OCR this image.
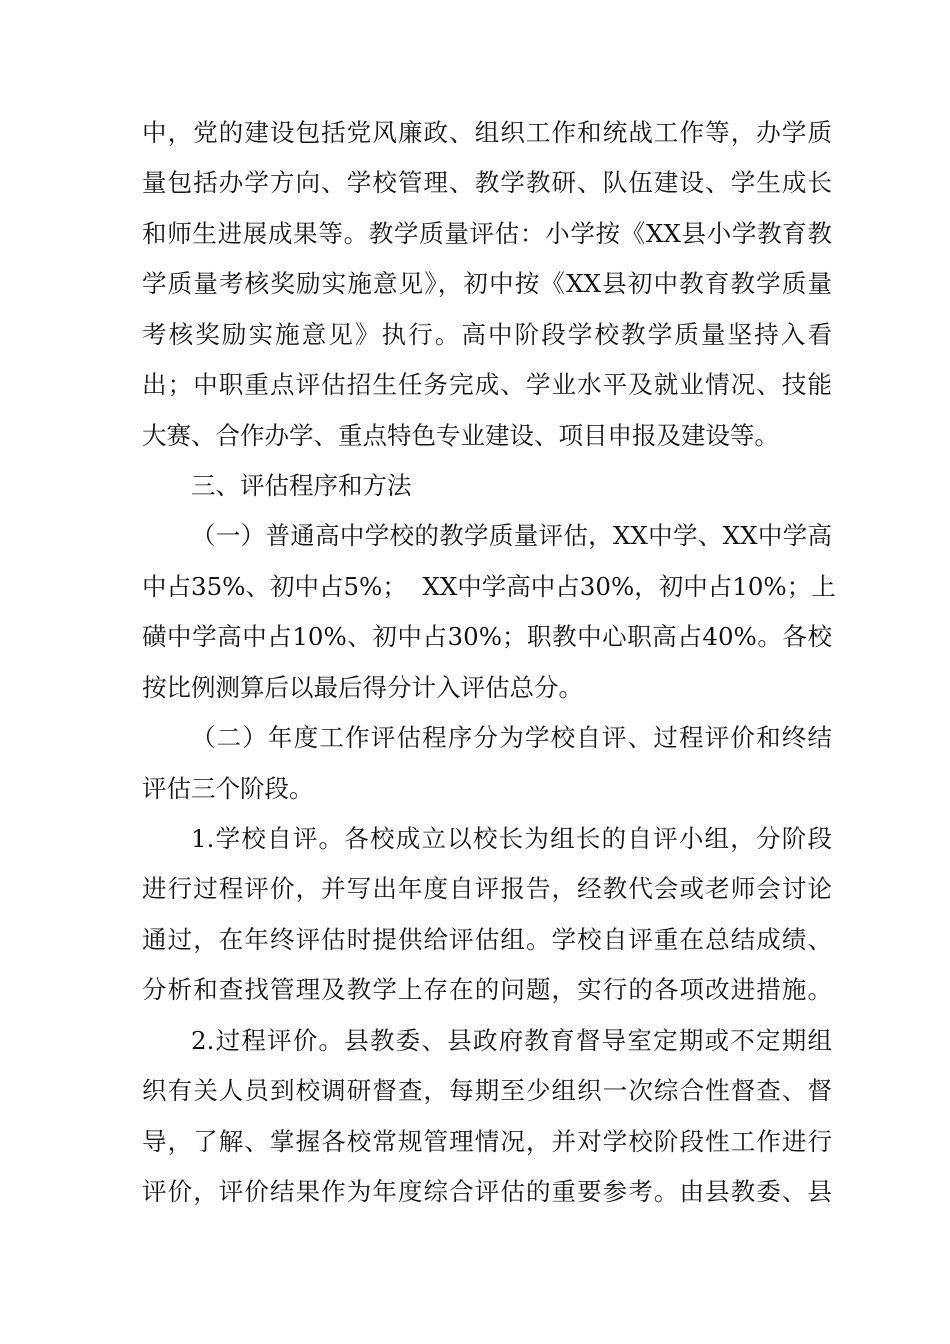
中，党的建设包括党风廉政、组织工作和统战工作等，办学质
量包括办学方向、学校管理、教学教研、队伍建设、学生成长
和师生进展成果等。教学质量评估：小学按《XX县小学教育教
学质量考核奖励实施意见》，初中按《XX县初中教育教学质量
考核奖励实施意见》执行。高中阶段学校教学质量坚持入看
出；中职重点评估招生任务完成、学业水平及就业情况、技能
大赛、合作办学、重点特色专业建设、项目申报及建设等。
三、评估程序和方法
（一）普通高中学校的教学质量评估，XX中学、XX中学高
中占35%、初中占5%；  XX中学高中占30%，初中占10%；上
磺中学高中占10%、初中占30%；职教中心职高占40%。各校
按比例测算后以最后得分计入评估总分。
（二）年度工作评估程序分为学校自评、过程评价和终结
评估三个阶段。
1.学校自评。各校成立以校长为组长的自评小组，分阶段
进行过程评价，并写出年度自评报告，经教代会或老师会讨论
通过，在年终评估时提供给评估组。学校自评重在总结成绩、
分析和查找管理及教学上存在的问题，实行的各项改进措施。
2.过程评价。县教委、县政府教育督导室定期或不定期组
织有关人员到校调研督查，每期至少组织一次综合性督查、督
导，了解、掌握各校常规管理情况，并对学校阶段性工作进行
评价，评价结果作为年度综合评估的重要参考。由县教委、县
